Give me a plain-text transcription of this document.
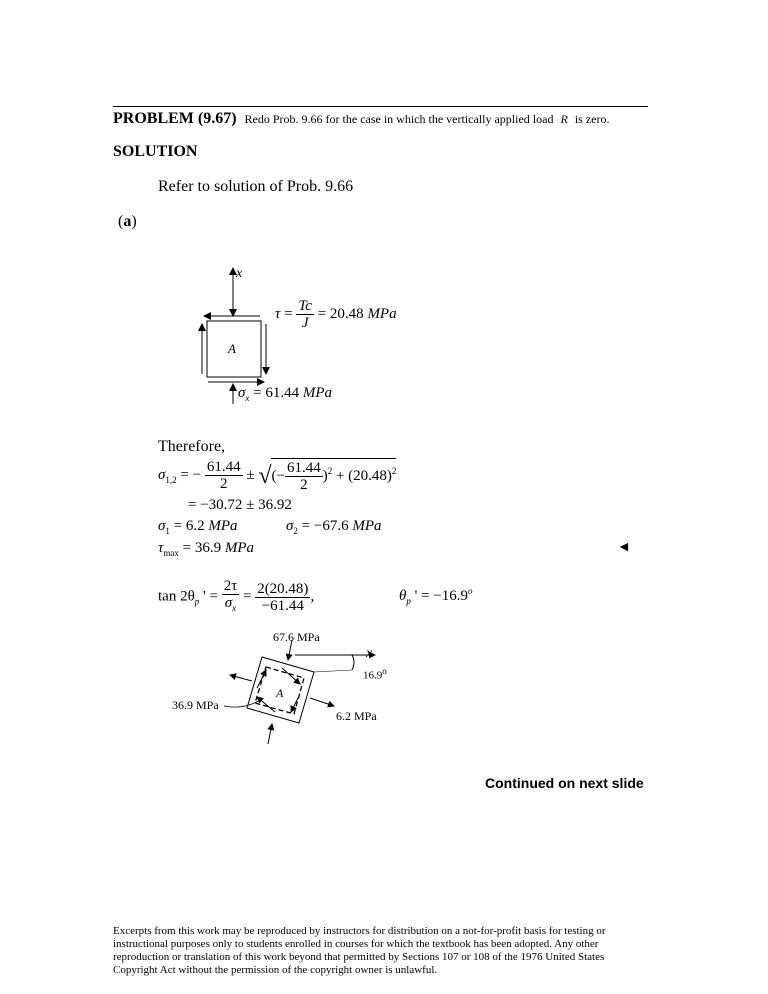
PROBLEM (9.67) Redo Prob. 9.66 for the case in which the vertically applied load R is zero.
SOLUTION
Refer to solution of Prob. 9.66
(a)
x
A
$\tau = \frac{Tc}{J} = 20.48$ MPa
$\sigma_x = 61.44$ MPa
Therefore,
$\sigma_{1,2}$ = − $\frac{61.44}{2}$ ± √(− $\frac{61.44}{2} )^2 + (20.48)^2$
= −30.72 ± 36.92
$\sigma_1 = 6.2$ MPa	$\sigma_2 = -67.6$ MPa
$\tau_{max} = 36.9$ MPa	◄
$\tan 2\theta_p$ ' = $\frac{2\tau}{\sigma_x} = \frac{2(20.48)}{-61.44}$ ,	$\theta_p$ ' = $-16.9^o$
67.6 MPa
x
16.9$^o$
A
36.9 MPa
6.2 MPa
Continued on next slide
Excerpts from this work may be reproduced by instructors for distribution on a not-for-profit basis for testing or instructional purposes only to students enrolled in courses for which the textbook has been adopted. Any other reproduction or translation of this work beyond that permitted by Sections 107 or 108 of the 1976 United States Copyright Act without the permission of the copyright owner is unlawful.
